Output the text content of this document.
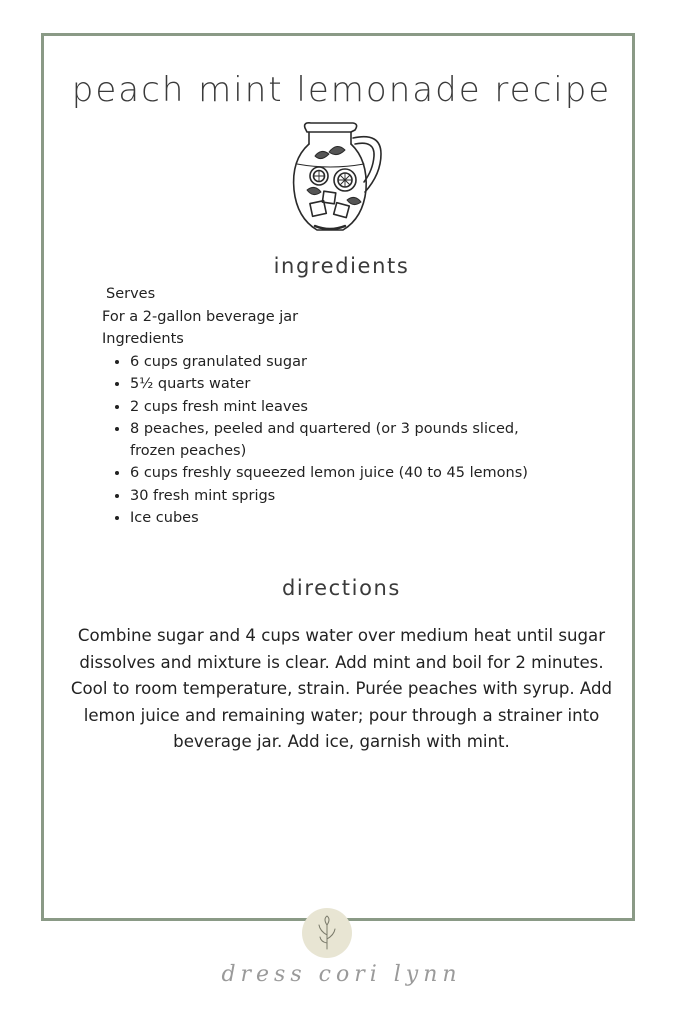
peach mint lemonade recipe
ingredients
Serves
For a 2-gallon beverage jar
Ingredients
• 6 cups granulated sugar
• 5½ quarts water
• 2 cups fresh mint leaves
• 8 peaches, peeled and quartered (or 3 pounds sliced, frozen peaches)
• 6 cups freshly squeezed lemon juice (40 to 45 lemons)
• 30 fresh mint sprigs
• Ice cubes
directions
Combine sugar and 4 cups water over medium heat until sugar dissolves and mixture is clear. Add mint and boil for 2 minutes. Cool to room temperature, strain. Purée peaches with syrup. Add lemon juice and remaining water; pour through a strainer into beverage jar. Add ice, garnish with mint.
dress cori lynn
